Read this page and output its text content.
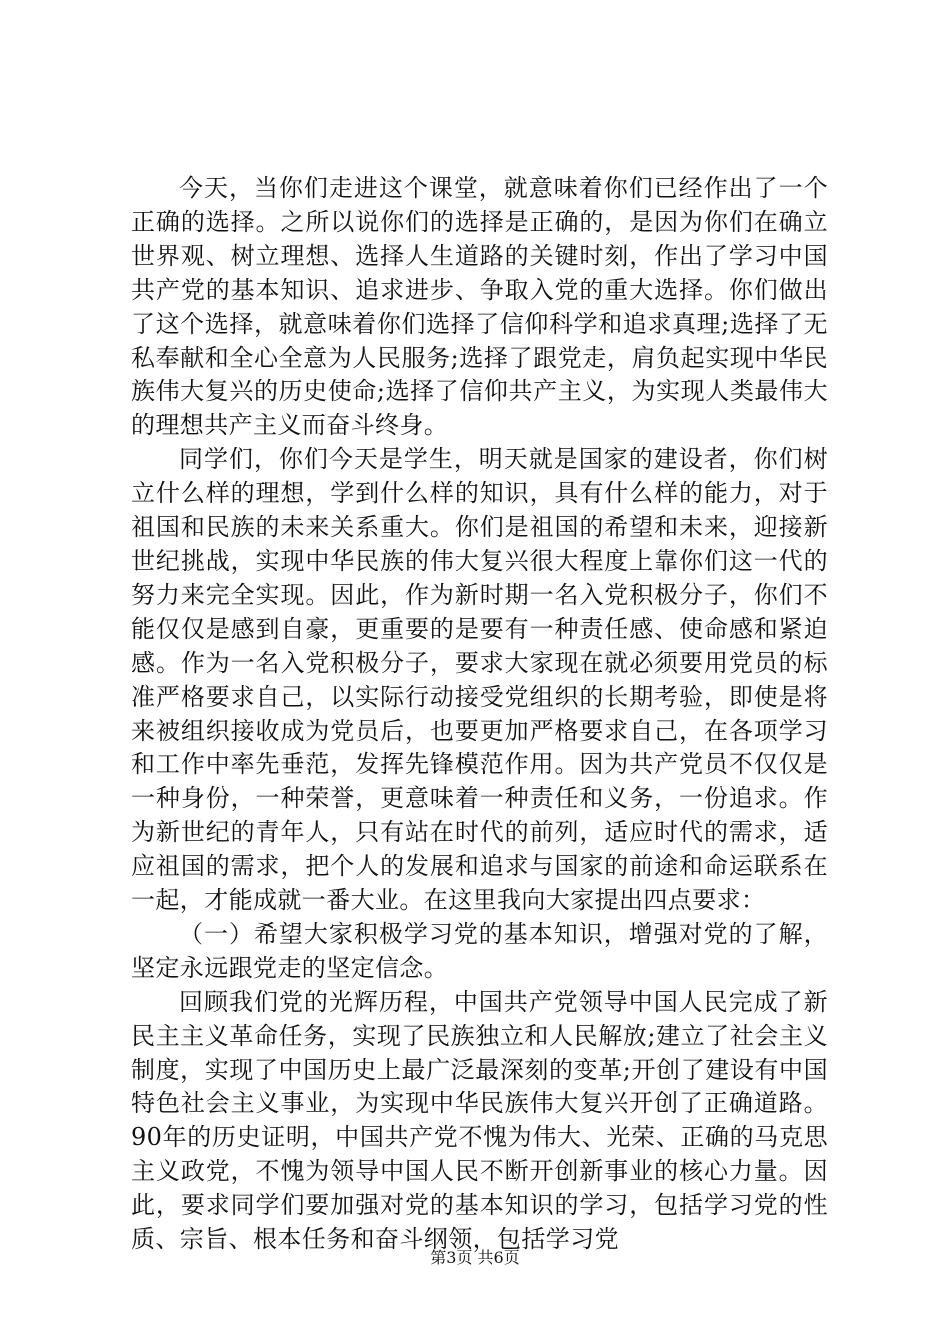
今天，当你们走进这个课堂，就意味着你们已经作出了一个正确的选择。之所以说你们的选择是正确的，是因为你们在确立世界观、树立理想、选择人生道路的关键时刻，作出了学习中国共产党的基本知识、追求进步、争取入党的重大选择。你们做出了这个选择，就意味着你们选择了信仰科学和追求真理;选择了无私奉献和全心全意为人民服务;选择了跟党走，肩负起实现中华民族伟大复兴的历史使命;选择了信仰共产主义，为实现人类最伟大的理想共产主义而奋斗终身。

同学们，你们今天是学生，明天就是国家的建设者，你们树立什么样的理想，学到什么样的知识，具有什么样的能力，对于祖国和民族的未来关系重大。你们是祖国的希望和未来，迎接新世纪挑战，实现中华民族的伟大复兴很大程度上靠你们这一代的努力来完全实现。因此，作为新时期一名入党积极分子，你们不能仅仅是感到自豪，更重要的是要有一种责任感、使命感和紧迫感。作为一名入党积极分子，要求大家现在就必须要用党员的标准严格要求自己，以实际行动接受党组织的长期考验，即使是将来被组织接收成为党员后，也要更加严格要求自己，在各项学习和工作中率先垂范，发挥先锋模范作用。因为共产党员不仅仅是一种身份，一种荣誉，更意味着一种责任和义务，一份追求。作为新世纪的青年人，只有站在时代的前列，适应时代的需求，适应祖国的需求，把个人的发展和追求与国家的前途和命运联系在一起，才能成就一番大业。在这里我向大家提出四点要求：

（一）希望大家积极学习党的基本知识，增强对党的了解，坚定永远跟党走的坚定信念。

回顾我们党的光辉历程，中国共产党领导中国人民完成了新民主主义革命任务，实现了民族独立和人民解放;建立了社会主义制度，实现了中国历史上最广泛最深刻的变革;开创了建设有中国特色社会主义事业，为实现中华民族伟大复兴开创了正确道路。90年的历史证明，中国共产党不愧为伟大、光荣、正确的马克思主义政党，不愧为领导中国人民不断开创新事业的核心力量。因此，要求同学们要加强对党的基本知识的学习，包括学习党的性质、宗旨、根本任务和奋斗纲领，包括学习党

第3页 共6页
